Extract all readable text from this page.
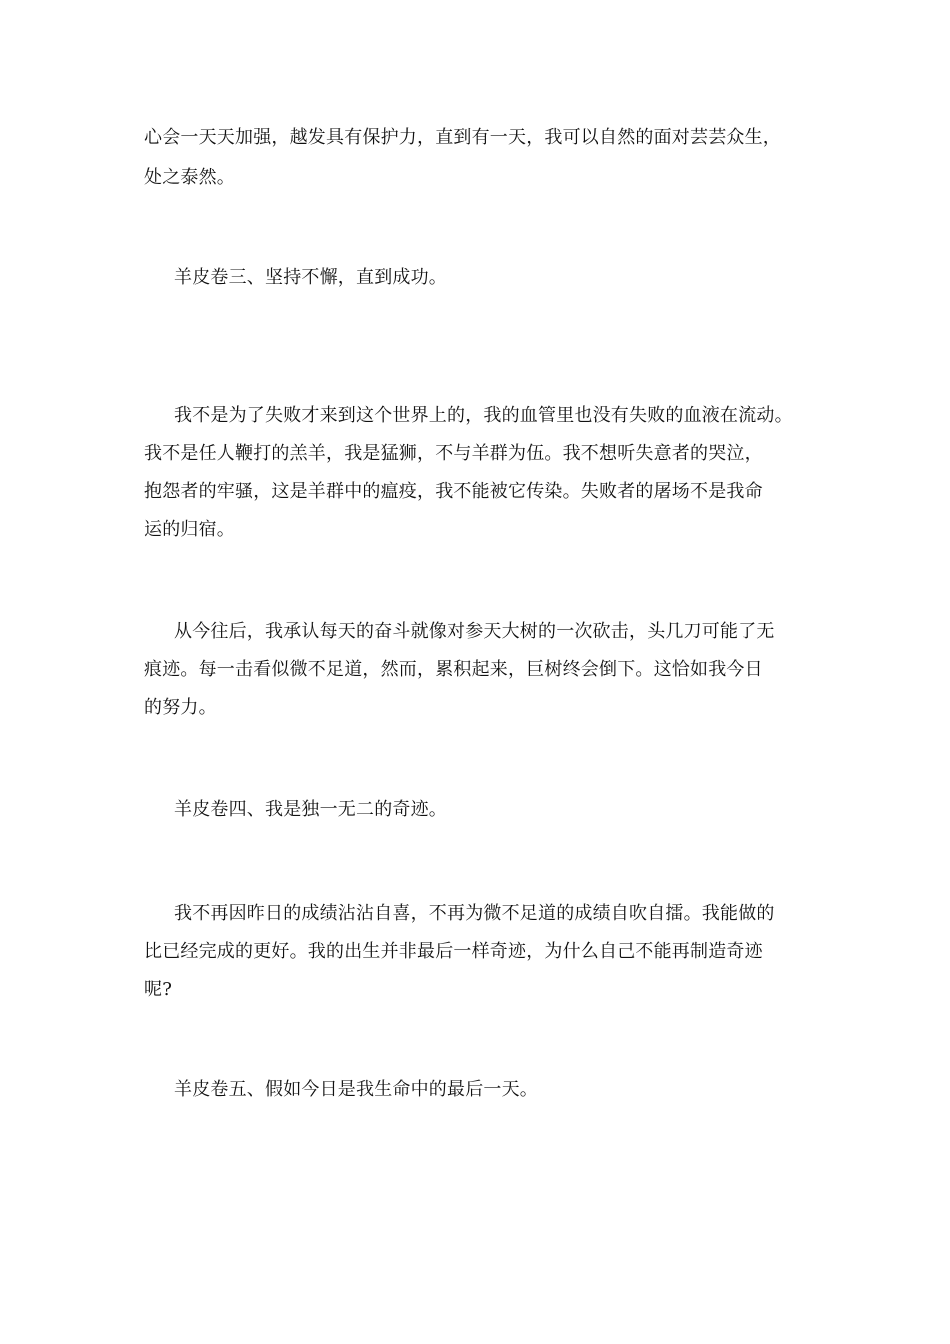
心会一天天加强，越发具有保护力，直到有一天，我可以自然的面对芸芸众生，
处之泰然。
羊皮卷三、坚持不懈，直到成功。
我不是为了失败才来到这个世界上的，我的血管里也没有失败的血液在流动。
我不是任人鞭打的羔羊，我是猛狮，不与羊群为伍。我不想听失意者的哭泣，
抱怨者的牢骚，这是羊群中的瘟疫，我不能被它传染。失败者的屠场不是我命
运的归宿。
从今往后，我承认每天的奋斗就像对参天大树的一次砍击，头几刀可能了无
痕迹。每一击看似微不足道，然而，累积起来，巨树终会倒下。这恰如我今日
的努力。
羊皮卷四、我是独一无二的奇迹。
我不再因昨日的成绩沾沾自喜，不再为微不足道的成绩自吹自擂。我能做的
比已经完成的更好。我的出生并非最后一样奇迹，为什么自己不能再制造奇迹
呢?
羊皮卷五、假如今日是我生命中的最后一天。
